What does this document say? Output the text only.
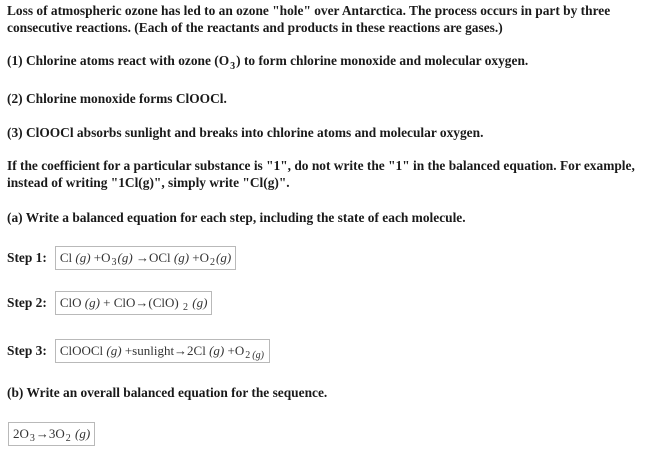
Loss of atmospheric ozone has led to an ozone "hole" over Antarctica. The process occurs in part by three consecutive reactions. (Each of the reactants and products in these reactions are gases.)

(1) Chlorine atoms react with ozone $(O_3)$ to form chlorine monoxide and molecular oxygen.

(2) Chlorine monoxide forms ClOOCl.

(3) ClOOCl absorbs sunlight and breaks into chlorine atoms and molecular oxygen.

If the coefficient for a particular substance is "1", do not write the "1" in the balanced equation. For example, instead of writing "1Cl(g)", simply write "Cl(g)".

(a) Write a balanced equation for each step, including the state of each molecule.

Step 1: Cl
(g)
+O 3 (g)
→OCl
(g)
+O 2 (g)
Step 2: ClO
(g)
+ ClO→(ClO)
2
(g)
Step 3: ClOOCl
(g)
+sunlight→2Cl
(g)
+O 2 (g)

(b) Write an overall balanced equation for the sequence.

2O 3 →3O 2
(g)
